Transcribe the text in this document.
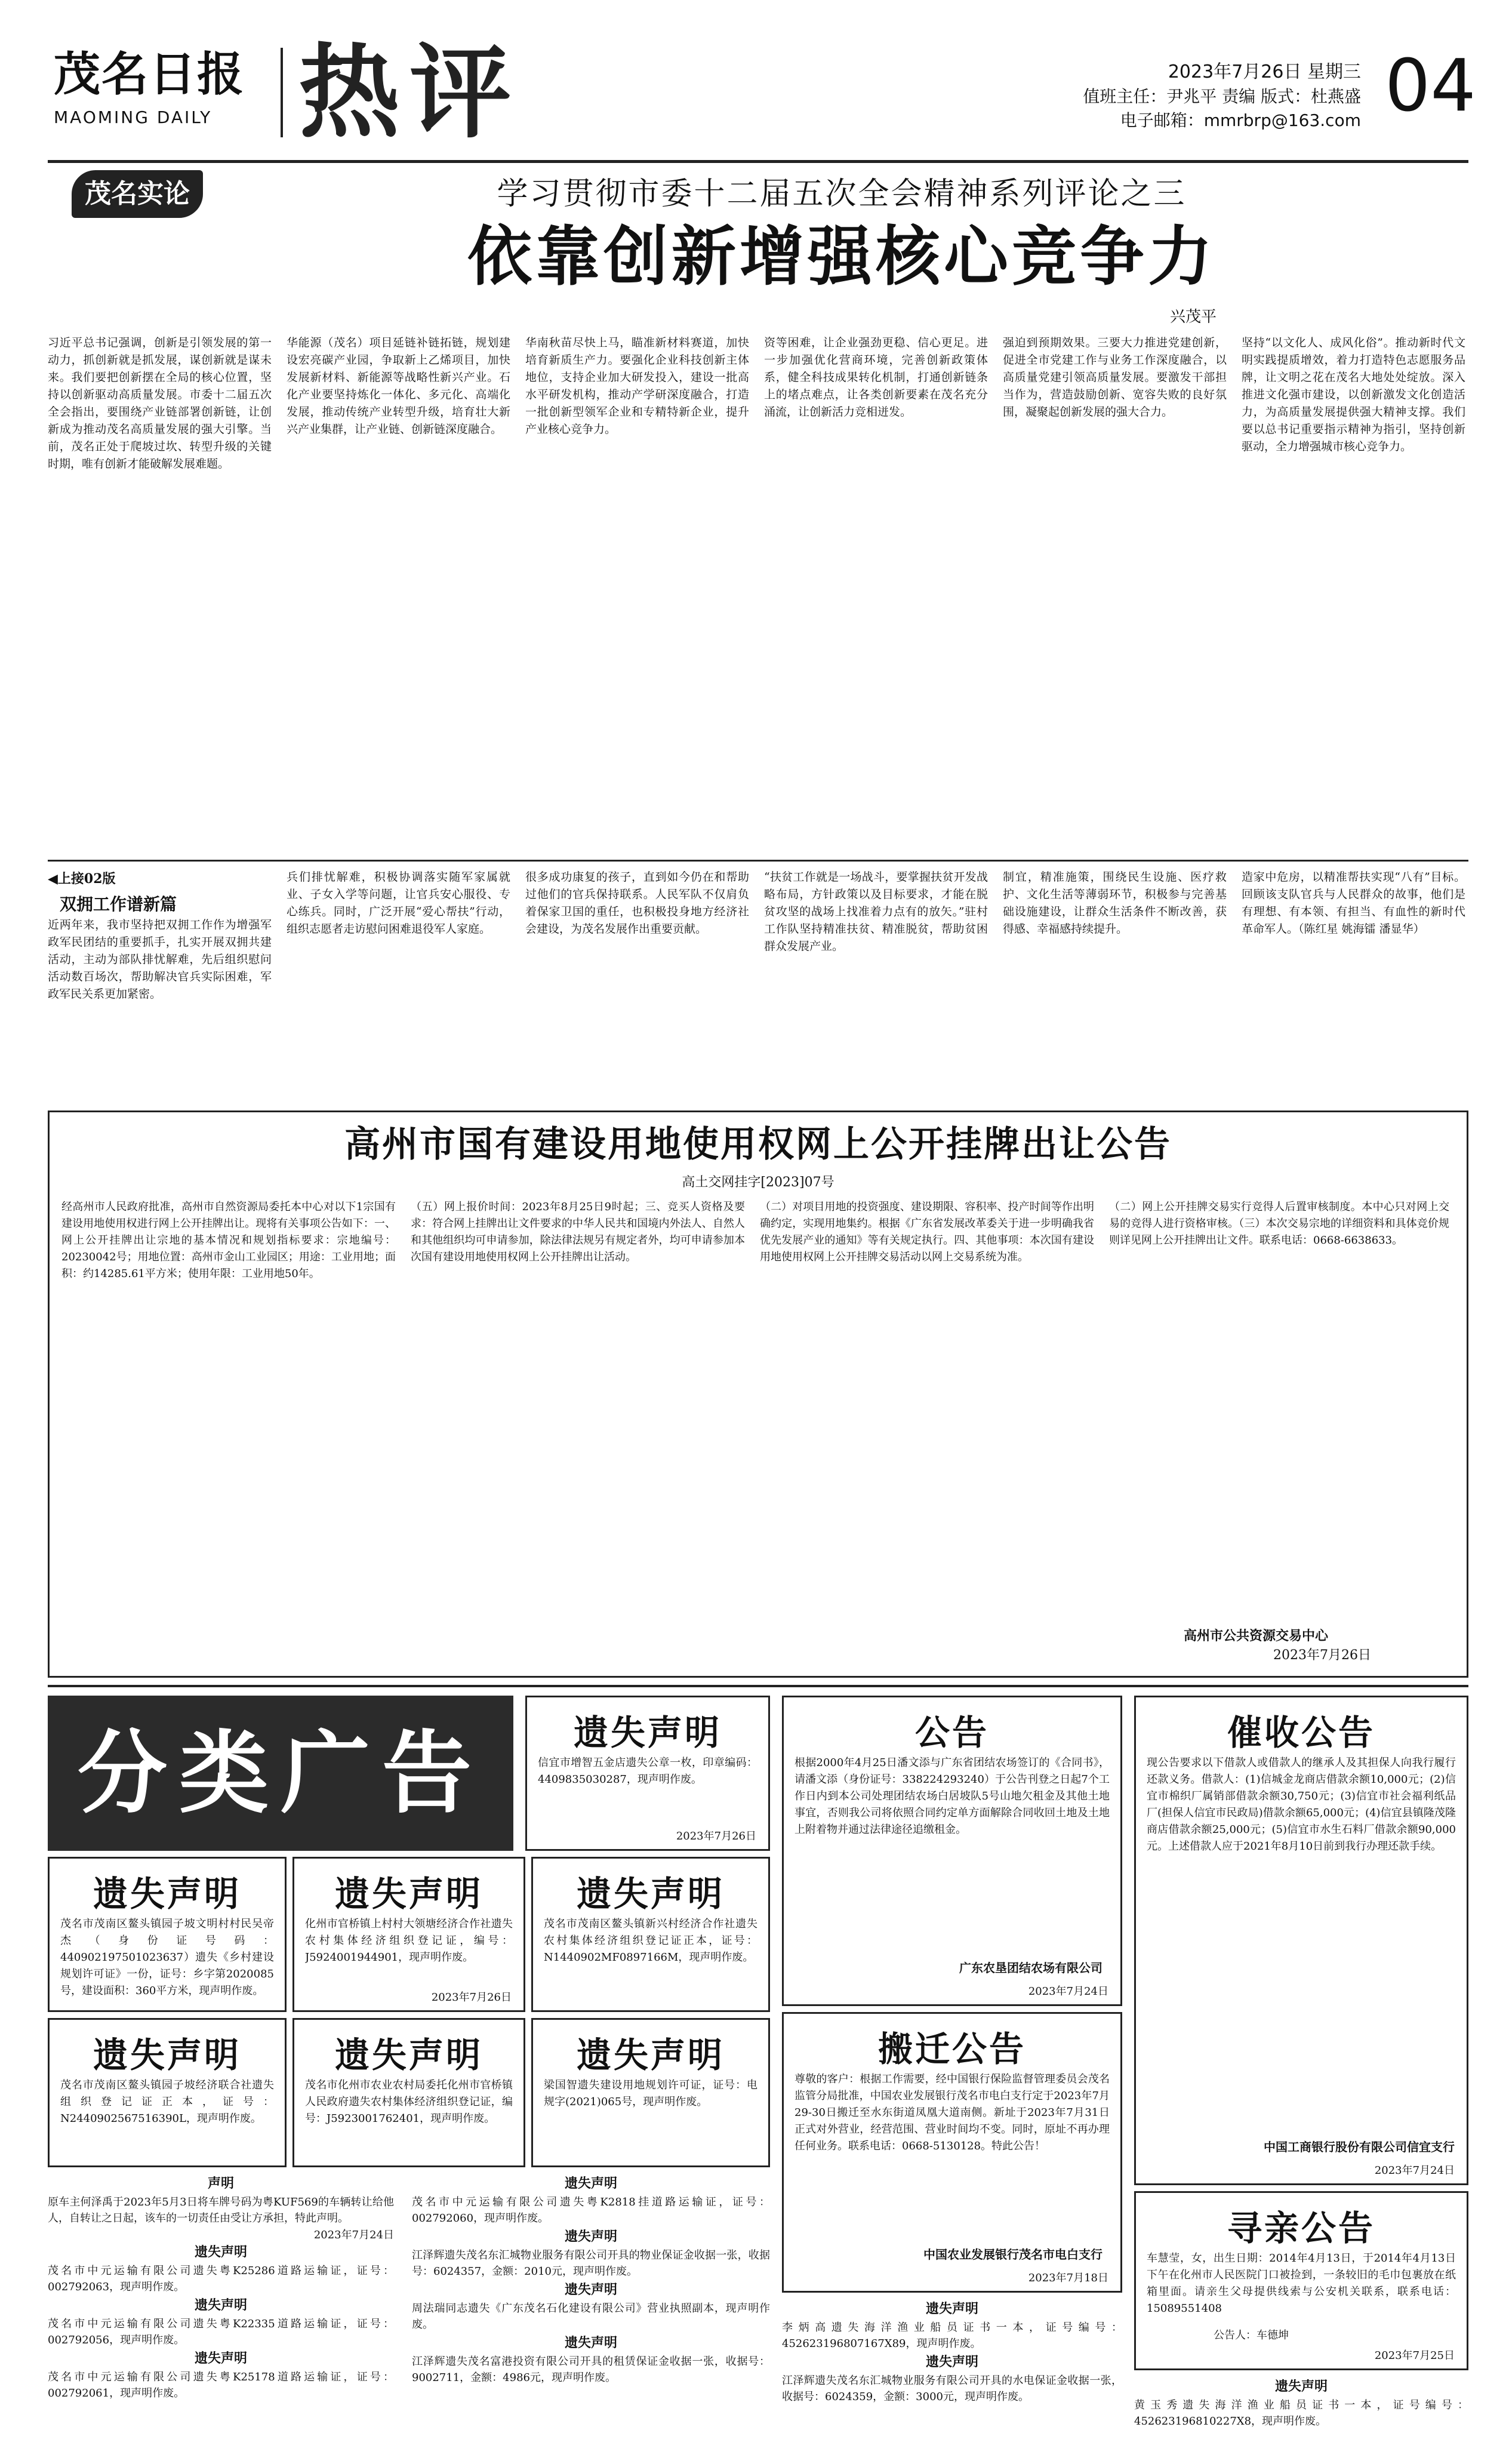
茂名日报
MAOMING DAILY 热评	2023年7月26日 星期三
值班主任：尹兆平 责编 版式：杜燕盛
电子邮箱：mmrbrp@163.com 04
茂名实论	学习贯彻市委十二届五次全会精神系列评论之三
依靠创新增强核心竞争力
兴茂平
习近平总书记强调，创新是引领发展的第一动力，抓创新就是抓发展，谋创新就是谋未来。我们要把创新摆在全局的核心位置，坚持以创新驱动高质量发展。市委十二届五次全会指出，要围绕产业链部署创新链，让创新成为推动茂名高质量发展的强大引擎。当前，茂名正处于爬坡过坎、转型升级的关键时期，唯有创新才能破解发展难题。
华能源（茂名）项目延链补链拓链，规划建设宏亮碳产业园，争取新上乙烯项目，加快发展新材料、新能源等战略性新兴产业。石化产业要坚持炼化一体化、多元化、高端化发展，推动传统产业转型升级，培育壮大新兴产业集群，让产业链、创新链深度融合。
华南秋苗尽快上马，瞄准新材料赛道，加快培育新质生产力。要强化企业科技创新主体地位，支持企业加大研发投入，建设一批高水平研发机构，推动产学研深度融合，打造一批创新型领军企业和专精特新企业，提升产业核心竞争力。
资等困难，让企业强劲更稳、信心更足。进一步加强优化营商环境，完善创新政策体系，健全科技成果转化机制，打通创新链条上的堵点难点，让各类创新要素在茂名充分涌流，让创新活力竞相迸发。
强迫到预期效果。三要大力推进党建创新，促进全市党建工作与业务工作深度融合，以高质量党建引领高质量发展。要激发干部担当作为，营造鼓励创新、宽容失败的良好氛围，凝聚起创新发展的强大合力。
坚持“以文化人、成风化俗”。推动新时代文明实践提质增效，着力打造特色志愿服务品牌，让文明之花在茂名大地处处绽放。深入推进文化强市建设，以创新激发文化创造活力，为高质量发展提供强大精神支撑。我们要以总书记重要指示精神为指引，坚持创新驱动，全力增强城市核心竞争力。
◀上接02版
双拥工作谱新篇
近两年来，我市坚持把双拥工作作为增强军政军民团结的重要抓手，扎实开展双拥共建活动，主动为部队排忧解难，先后组织慰问活动数百场次，帮助解决官兵实际困难，军政军民关系更加紧密。
兵们排忧解难，积极协调落实随军家属就业、子女入学等问题，让官兵安心服役、专心练兵。同时，广泛开展“爱心帮扶”行动，组织志愿者走访慰问困难退役军人家庭。
很多成功康复的孩子，直到如今仍在和帮助过他们的官兵保持联系。人民军队不仅肩负着保家卫国的重任，也积极投身地方经济社会建设，为茂名发展作出重要贡献。
“扶贫工作就是一场战斗，要掌握扶贫开发战略布局，方针政策以及目标要求，才能在脱贫攻坚的战场上找准着力点有的放矢。”驻村工作队坚持精准扶贫、精准脱贫，帮助贫困群众发展产业。
制宜，精准施策，围绕民生设施、医疗救护、文化生活等薄弱环节，积极参与完善基础设施建设，让群众生活条件不断改善，获得感、幸福感持续提升。
造家中危房，以精准帮扶实现“八有”目标。回顾该支队官兵与人民群众的故事，他们是有理想、有本领、有担当、有血性的新时代革命军人。（陈红星 姚海镭 潘显华）
高州市国有建设用地使用权网上公开挂牌出让公告
高土交网挂字[2023]07号
经高州市人民政府批准，高州市自然资源局委托本中心对以下1宗国有建设用地使用权进行网上公开挂牌出让。现将有关事项公告如下：一、网上公开挂牌出让宗地的基本情况和规划指标要求：宗地编号：20230042号；用地位置：高州市金山工业园区；用途：工业用地；面积：约14285.61平方米；使用年限：工业用地50年。
（五）网上报价时间：2023年8月25日9时起；三、竞买人资格及要求：符合网上挂牌出让文件要求的中华人民共和国境内外法人、自然人和其他组织均可申请参加，除法律法规另有规定者外，均可申请参加本次国有建设用地使用权网上公开挂牌出让活动。
（二）对项目用地的投资强度、建设期限、容积率、投产时间等作出明确约定，实现用地集约。根据《广东省发展改革委关于进一步明确我省优先发展产业的通知》等有关规定执行。四、其他事项：本次国有建设用地使用权网上公开挂牌交易活动以网上交易系统为准。
（二）网上公开挂牌交易实行竞得人后置审核制度。本中心只对网上交易的竞得人进行资格审核。（三）本次交易宗地的详细资料和具体竞价规则详见网上公开挂牌出让文件。联系电话：0668-6638633。
高州市公共资源交易中心
2023年7月26日
分类广告	遗失声明
信宜市增智五金店遗失公章一枚，印章编码：4409835030287，现声明作废。
2023年7月26日
遗失声明
茂名市茂南区鳌头镇园子坡文明村村民吴帝杰（身份证号码：440902197501023637）遗失《乡村建设规划许可证》一份，证号：乡字第2020085号，建设面积：360平方米，现声明作废。
遗失声明
化州市官桥镇上村村大领塘经济合作社遗失农村集体经济组织登记证，编号：J5924001944901，现声明作废。
2023年7月26日
遗失声明
茂名市茂南区鳌头镇新兴村经济合作社遗失农村集体经济组织登记证正本，证号：N1440902MF0897166M，现声明作废。
遗失声明
茂名市茂南区鳌头镇园子坡经济联合社遗失组织登记证正本，证号：N2440902567516390L，现声明作废。
遗失声明
茂名市化州市农业农村局委托化州市官桥镇人民政府遗失农村集体经济组织登记证，编号：J5923001762401，现声明作废。
遗失声明
梁国智遗失建设用地规划许可证，证号：电规字(2021)065号，现声明作废。
声明
原车主何泽禹于2023年5月3日将车牌号码为粤KUF569的车辆转让给他人，自转让之日起，该车的一切责任由受让方承担，特此声明。
2023年7月24日
遗失声明
茂名市中元运输有限公司遗失粤K25286道路运输证，证号：002792063，现声明作废。
遗失声明
茂名市中元运输有限公司遗失粤K22335道路运输证，证号：002792056，现声明作废。
遗失声明
茂名市中元运输有限公司遗失粤K25178道路运输证，证号：002792061，现声明作废。
遗失声明
茂名市中元运输有限公司遗失粤K2818挂道路运输证，证号：002792060，现声明作废。
遗失声明
江泽辉遗失茂名东汇城物业服务有限公司开具的物业保证金收据一张，收据号：6024357，金额：2010元，现声明作废。
遗失声明
周法瑞同志遗失《广东茂名石化建设有限公司》营业执照副本，现声明作废。
遗失声明
江泽辉遗失茂名富港投资有限公司开具的租赁保证金收据一张，收据号：9002711，金额：4986元，现声明作废。
公告
根据2000年4月25日潘文添与广东省团结农场签订的《合同书》，请潘文添（身份证号：338224293240）于公告刊登之日起7个工作日内到本公司处理团结农场白居坡队5号山地欠租金及其他土地事宜，否则我公司将依照合同约定单方面解除合同收回土地及土地上附着物并通过法律途径追缴租金。
广东农垦团结农场有限公司
2023年7月24日
搬迁公告
尊敬的客户：根据工作需要，经中国银行保险监督管理委员会茂名监管分局批准，中国农业发展银行茂名市电白支行定于2023年7月29-30日搬迁至水东街道凤凰大道南侧。新址于2023年7月31日正式对外营业，经营范围、营业时间均不变。同时，原址不再办理任何业务。联系电话：0668-5130128。特此公告！
中国农业发展银行茂名市电白支行
2023年7月18日
遗失声明
李炳高遗失海洋渔业船员证书一本，证号编号：452623196807167X89，现声明作废。
遗失声明
江泽辉遗失茂名东汇城物业服务有限公司开具的水电保证金收据一张，收据号：6024359，金额：3000元，现声明作废。
催收公告
现公告要求以下借款人或借款人的继承人及其担保人向我行履行还款义务。借款人：(1)信城金龙商店借款余额10,000元；(2)信宜市棉织厂属销部借款余额30,750元；(3)信宜市社会福利纸品厂(担保人信宜市民政局)借款余额65,000元；(4)信宜县镇隆茂隆商店借款余额25,000元；(5)信宜市水生石料厂借款余额90,000元。上述借款人应于2021年8月10日前到我行办理还款手续。
中国工商银行股份有限公司信宜支行
2023年7月24日
寻亲公告
车慧莹，女，出生日期：2014年4月13日，于2014年4月13日下午在化州市人民医院门口被捡到，一条较旧的毛巾包裹放在纸箱里面。请亲生父母提供线索与公安机关联系，联系电话：15089551408
公告人：车德坤
2023年7月25日
遗失声明
黄玉秀遗失海洋渔业船员证书一本，证号编号：452623196810227X8，现声明作废。
